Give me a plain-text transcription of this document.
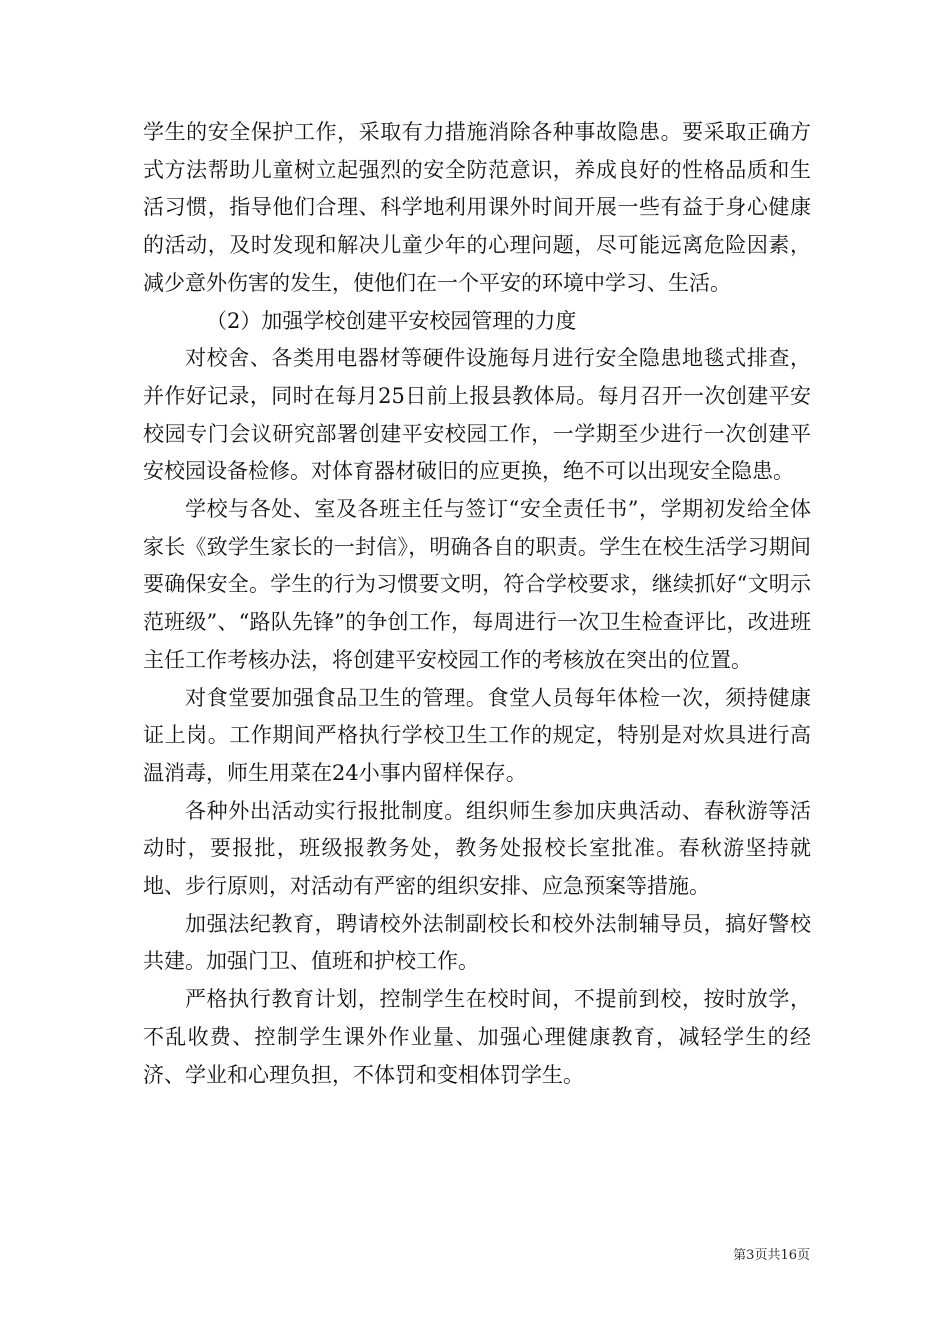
学生的安全保护工作，采取有力措施消除各种事故隐患。要采取正确方式方法帮助儿童树立起强烈的安全防范意识，养成良好的性格品质和生活习惯，指导他们合理、科学地利用课外时间开展一些有益于身心健康的活动，及时发现和解决儿童少年的心理问题，尽可能远离危险因素，减少意外伤害的发生，使他们在一个平安的环境中学习、生活。

（2）加强学校创建平安校园管理的力度

对校舍、各类用电器材等硬件设施每月进行安全隐患地毯式排查，并作好记录，同时在每月25日前上报县教体局。每月召开一次创建平安校园专门会议研究部署创建平安校园工作，一学期至少进行一次创建平安校园设备检修。对体育器材破旧的应更换，绝不可以出现安全隐患。

学校与各处、室及各班主任与签订“安全责任书”，学期初发给全体家长《致学生家长的一封信》，明确各自的职责。学生在校生活学习期间要确保安全。学生的行为习惯要文明，符合学校要求，继续抓好“文明示范班级”、“路队先锋”的争创工作，每周进行一次卫生检查评比，改进班主任工作考核办法，将创建平安校园工作的考核放在突出的位置。

对食堂要加强食品卫生的管理。食堂人员每年体检一次，须持健康证上岗。工作期间严格执行学校卫生工作的规定，特别是对炊具进行高温消毒，师生用菜在24小事内留样保存。

各种外出活动实行报批制度。组织师生参加庆典活动、春秋游等活动时，要报批，班级报教务处，教务处报校长室批准。春秋游坚持就地、步行原则，对活动有严密的组织安排、应急预案等措施。

加强法纪教育，聘请校外法制副校长和校外法制辅导员，搞好警校共建。加强门卫、值班和护校工作。

严格执行教育计划，控制学生在校时间，不提前到校，按时放学，不乱收费、控制学生课外作业量、加强心理健康教育，减轻学生的经济、学业和心理负担，不体罚和变相体罚学生。

第3页共16页
